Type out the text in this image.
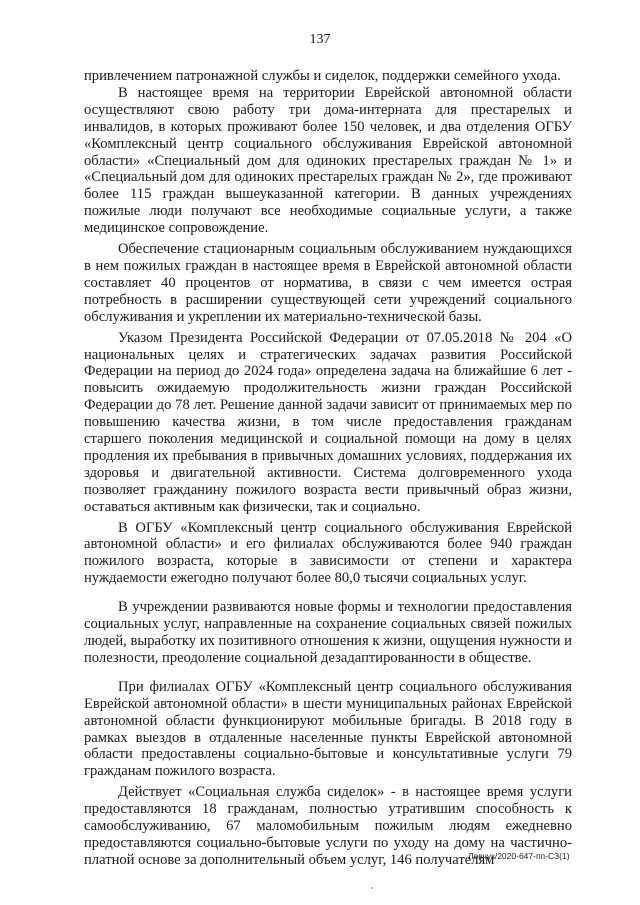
137

привлечением патронажной службы и сиделок, поддержки семейного ухода.

В настоящее время на территории Еврейской автономной области осуществляют свою работу три дома-интерната для престарелых и инвалидов, в которых проживают более 150 человек, и два отделения ОГБУ «Комплексный центр социального обслуживания Еврейской автономной области» «Специальный дом для одиноких престарелых граждан № 1» и «Специальный дом для одиноких престарелых граждан № 2», где проживают более 115 граждан вышеуказанной категории. В данных учреждениях пожилые люди получают все необходимые социальные услуги, а также медицинское сопровождение.

Обеспечение стационарным социальным обслуживанием нуждающихся в нем пожилых граждан в настоящее время в Еврейской автономной области составляет 40 процентов от норматива, в связи с чем имеется острая потребность в расширении существующей сети учреждений социального обслуживания и укреплении их материально-технической базы.

Указом Президента Российской Федерации от 07.05.2018 № 204 «О национальных целях и стратегических задачах развития Российской Федерации на период до 2024 года» определена задача на ближайшие 6 лет - повысить ожидаемую продолжительность жизни граждан Российской Федерации до 78 лет. Решение данной задачи зависит от принимаемых мер по повышению качества жизни, в том числе предоставления гражданам старшего поколения медицинской и социальной помощи на дому в целях продления их пребывания в привычных домашних условиях, поддержания их здоровья и двигательной активности. Система долговременного ухода позволяет гражданину пожилого возраста вести привычный образ жизни, оставаться активным как физически, так и социально.

В ОГБУ «Комплексный центр социального обслуживания Еврейской автономной области» и его филиалах обслуживаются более 940 граждан пожилого возраста, которые в зависимости от степени и характера нуждаемости ежегодно получают более 80,0 тысячи социальных услуг.

В учреждении развиваются новые формы и технологии предоставления социальных услуг, направленные на сохранение социальных связей пожилых людей, выработку их позитивного отношения к жизни, ощущения нужности и полезности, преодоление социальной дезадаптированности в обществе.

При филиалах ОГБУ «Комплексный центр социального обслуживания Еврейской автономной области» в шести муниципальных районах Еврейской автономной области функционируют мобильные бригады. В 2018 году в рамках выездов в отдаленные населенные пункты Еврейской автономной области предоставлены социально-бытовые и консультативные услуги 79 гражданам пожилого возраста.

Действует «Социальная служба сиделок» - в настоящее время услуги предоставляются 18 гражданам, полностью утратившим способность к самообслуживанию, 67 маломобильным пожилым людям ежедневно предоставляются социально-бытовые услуги по уходу на дому на частично-платной основе за дополнительный объем услуг, 146 получателям

Левчук/2020-647-пп-СЗ(1)
